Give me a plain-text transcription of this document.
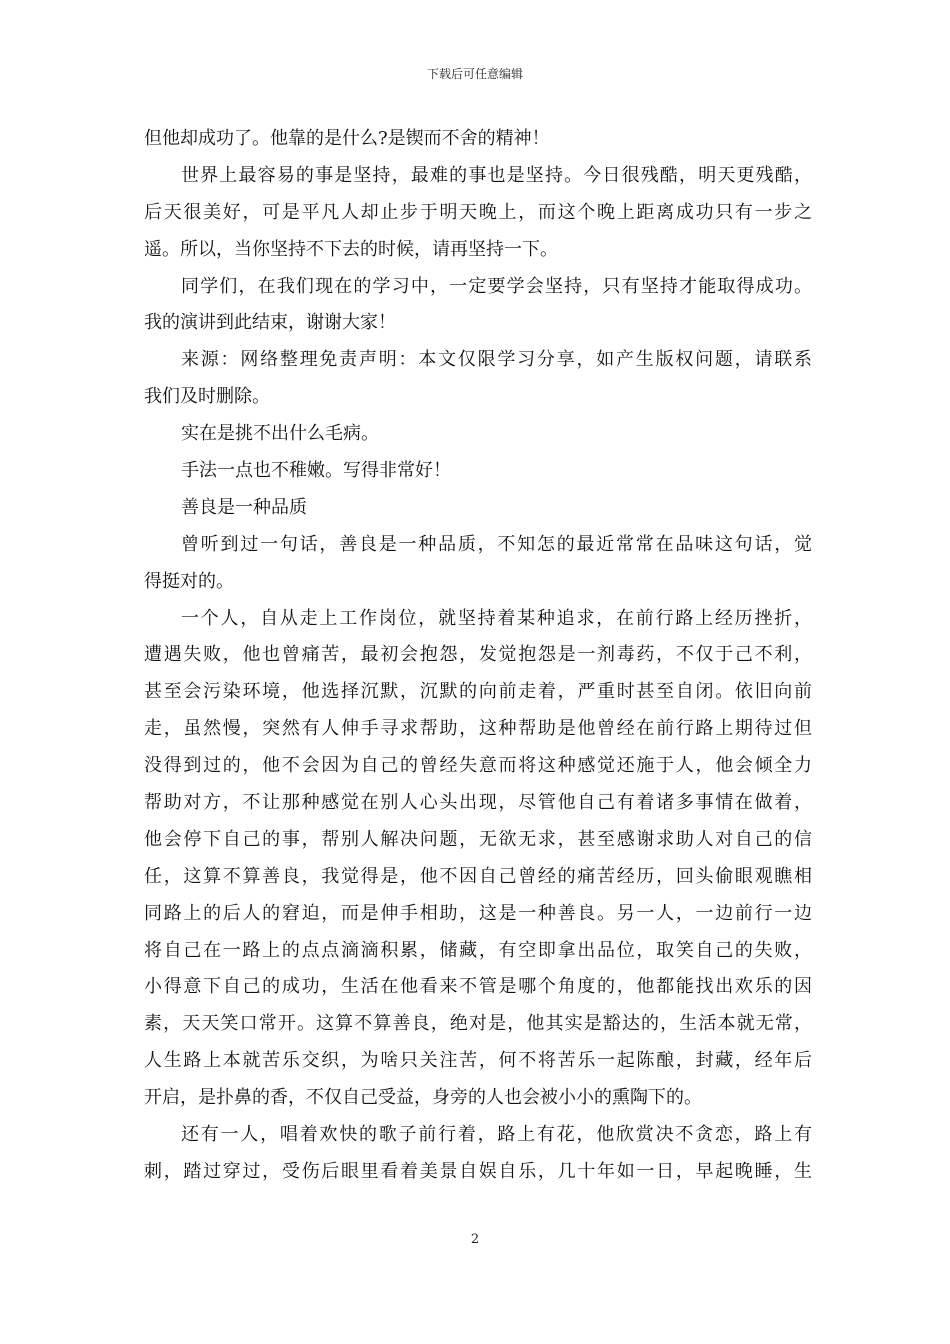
下载后可任意编辑
但他却成功了。他靠的是什么?是锲而不舍的精神！
世界上最容易的事是坚持，最难的事也是坚持。今日很残酷，明天更残酷，
后天很美好，可是平凡人却止步于明天晚上，而这个晚上距离成功只有一步之
遥。所以，当你坚持不下去的时候，请再坚持一下。
同学们，在我们现在的学习中，一定要学会坚持，只有坚持才能取得成功。
我的演讲到此结束，谢谢大家！
来源：网络整理免责声明：本文仅限学习分享，如产生版权问题，请联系
我们及时删除。
实在是挑不出什么毛病。
手法一点也不稚嫩。写得非常好！
善良是一种品质
曾听到过一句话，善良是一种品质，不知怎的最近常常在品味这句话，觉
得挺对的。
一个人，自从走上工作岗位，就坚持着某种追求，在前行路上经历挫折，
遭遇失败，他也曾痛苦，最初会抱怨，发觉抱怨是一剂毒药，不仅于己不利，
甚至会污染环境，他选择沉默，沉默的向前走着，严重时甚至自闭。依旧向前
走，虽然慢，突然有人伸手寻求帮助，这种帮助是他曾经在前行路上期待过但
没得到过的，他不会因为自己的曾经失意而将这种感觉还施于人，他会倾全力
帮助对方，不让那种感觉在别人心头出现，尽管他自己有着诸多事情在做着，
他会停下自己的事，帮别人解决问题，无欲无求，甚至感谢求助人对自己的信
任，这算不算善良，我觉得是，他不因自己曾经的痛苦经历，回头偷眼观瞧相
同路上的后人的窘迫，而是伸手相助，这是一种善良。另一人，一边前行一边
将自己在一路上的点点滴滴积累，储藏，有空即拿出品位，取笑自己的失败，
小得意下自己的成功，生活在他看来不管是哪个角度的，他都能找出欢乐的因
素，天天笑口常开。这算不算善良，绝对是，他其实是豁达的，生活本就无常，
人生路上本就苦乐交织，为啥只关注苦，何不将苦乐一起陈酿，封藏，经年后
开启，是扑鼻的香，不仅自己受益，身旁的人也会被小小的熏陶下的。
还有一人，唱着欢快的歌子前行着，路上有花，他欣赏决不贪恋，路上有
刺，踏过穿过，受伤后眼里看着美景自娱自乐，几十年如一日，早起晚睡，生
2
